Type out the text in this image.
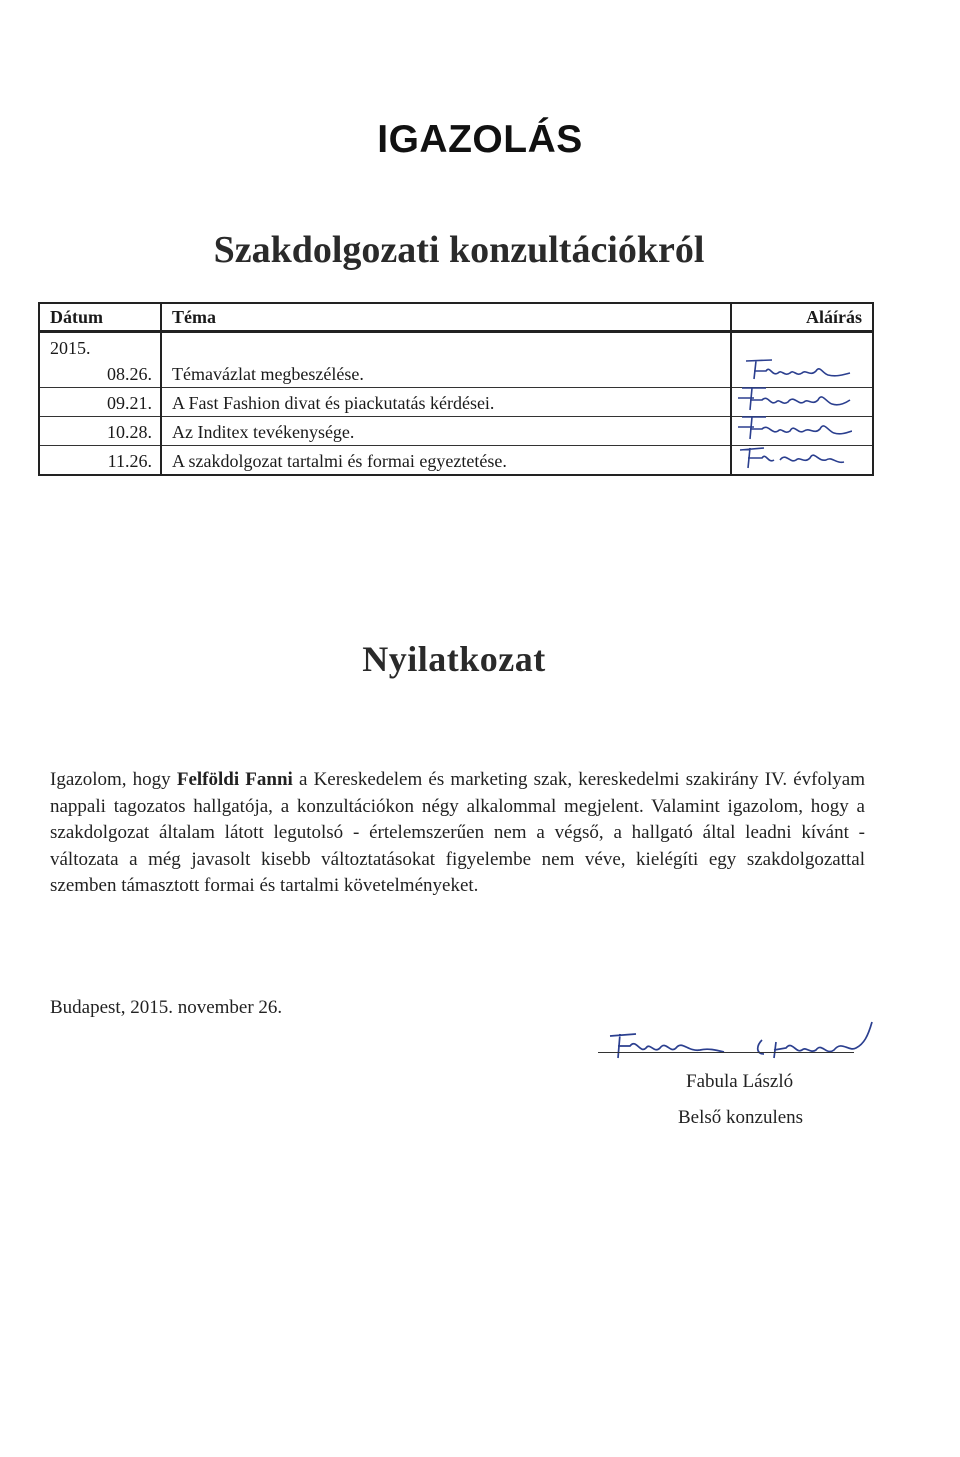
IGAZOLÁS
Szakdolgozati konzultációkról
Dátum	Téma	Aláírás
2015.		
08.26.	Témavázlat megbeszélése.	

09.21.	A Fast Fashion divat és piackutatás kérdései.	

10.28.	Az Inditex tevékenysége.	

11.26.	A szakdolgozat tartalmi és formai egyeztetése.	
Nyilatkozat
Igazolom, hogy Felföldi Fanni a Kereskedelem és marketing szak, kereskedelmi szakirány IV. évfolyam nappali tagozatos hallgatója, a konzultációkon négy alkalommal megjelent. Valamint igazolom, hogy a szakdolgozat általam látott legutolsó - értelemszerűen nem a végső, a hallgató által leadni kívánt - változata a még javasolt kisebb változtatásokat figyelembe nem véve, kielégíti egy szakdolgozattal szemben támasztott formai és tartalmi követelményeket.
Budapest, 2015. november 26.
Fabula László
Belső konzulens
